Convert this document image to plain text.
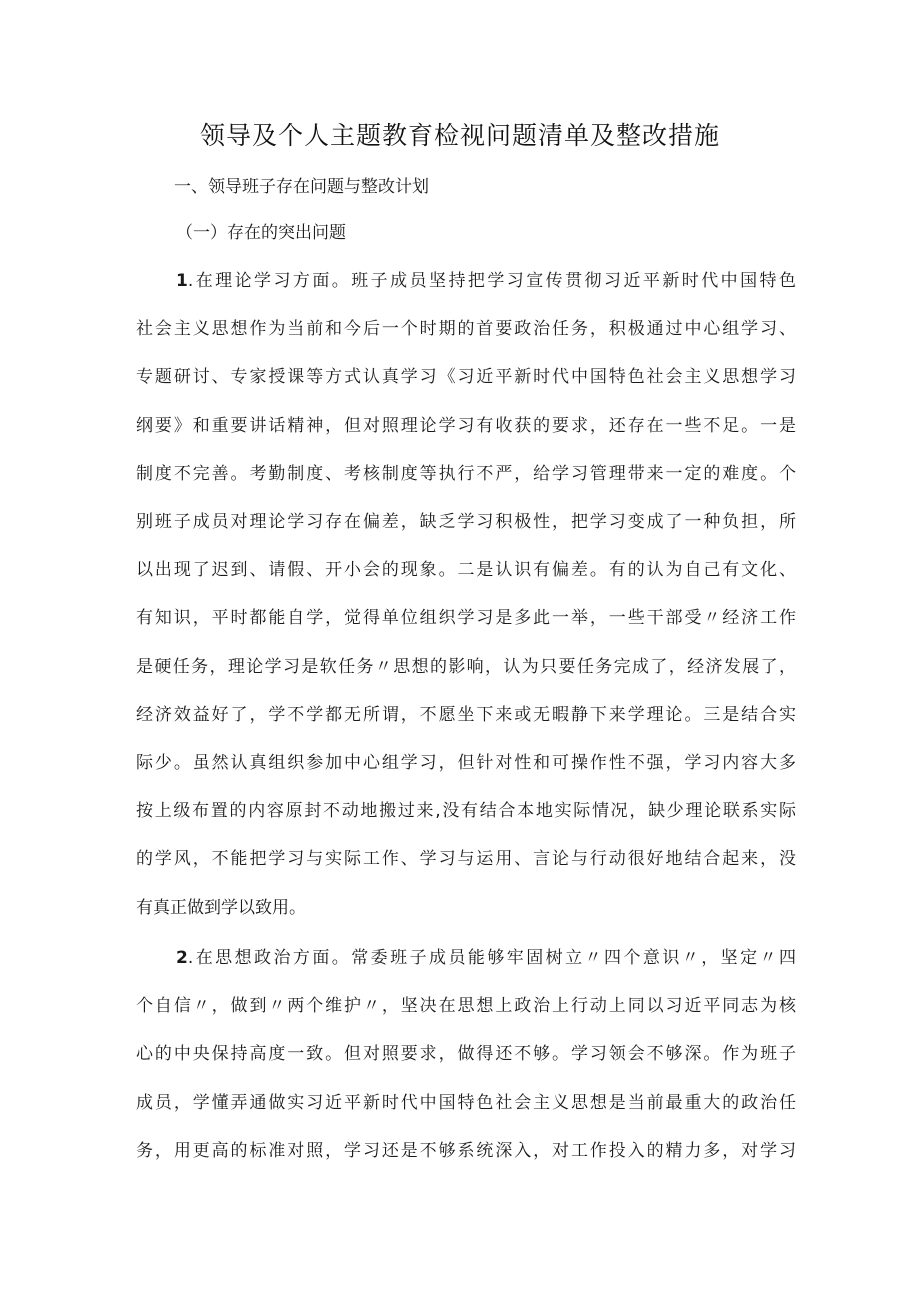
领导及个人主题教育检视问题清单及整改措施
一、领导班子存在问题与整改计划
（一）存在的突出问题
1.在理论学习方面。班子成员坚持把学习宣传贯彻习近平新时代中国特色
社会主义思想作为当前和今后一个时期的首要政治任务，积极通过中心组学习、
专题研讨、专家授课等方式认真学习《习近平新时代中国特色社会主义思想学习
纲要》和重要讲话精神，但对照理论学习有收获的要求，还存在一些不足。一是
制度不完善。考勤制度、考核制度等执行不严，给学习管理带来一定的难度。个
别班子成员对理论学习存在偏差，缺乏学习积极性，把学习变成了一种负担，所
以出现了迟到、请假、开小会的现象。二是认识有偏差。有的认为自己有文化、
有知识，平时都能自学，觉得单位组织学习是多此一举，一些干部受〃经济工作
是硬任务，理论学习是软任务〃思想的影响，认为只要任务完成了，经济发展了，
经济效益好了，学不学都无所谓，不愿坐下来或无暇静下来学理论。三是结合实
际少。虽然认真组织参加中心组学习，但针对性和可操作性不强，学习内容大多
按上级布置的内容原封不动地搬过来,没有结合本地实际情况，缺少理论联系实际
的学风，不能把学习与实际工作、学习与运用、言论与行动很好地结合起来，没
有真正做到学以致用。
2.在思想政治方面。常委班子成员能够牢固树立〃四个意识〃，坚定〃四
个自信〃，做到〃两个维护〃，坚决在思想上政治上行动上同以习近平同志为核
心的中央保持高度一致。但对照要求，做得还不够。学习领会不够深。作为班子
成员，学懂弄通做实习近平新时代中国特色社会主义思想是当前最重大的政治任
务，用更高的标准对照，学习还是不够系统深入，对工作投入的精力多，对学习
